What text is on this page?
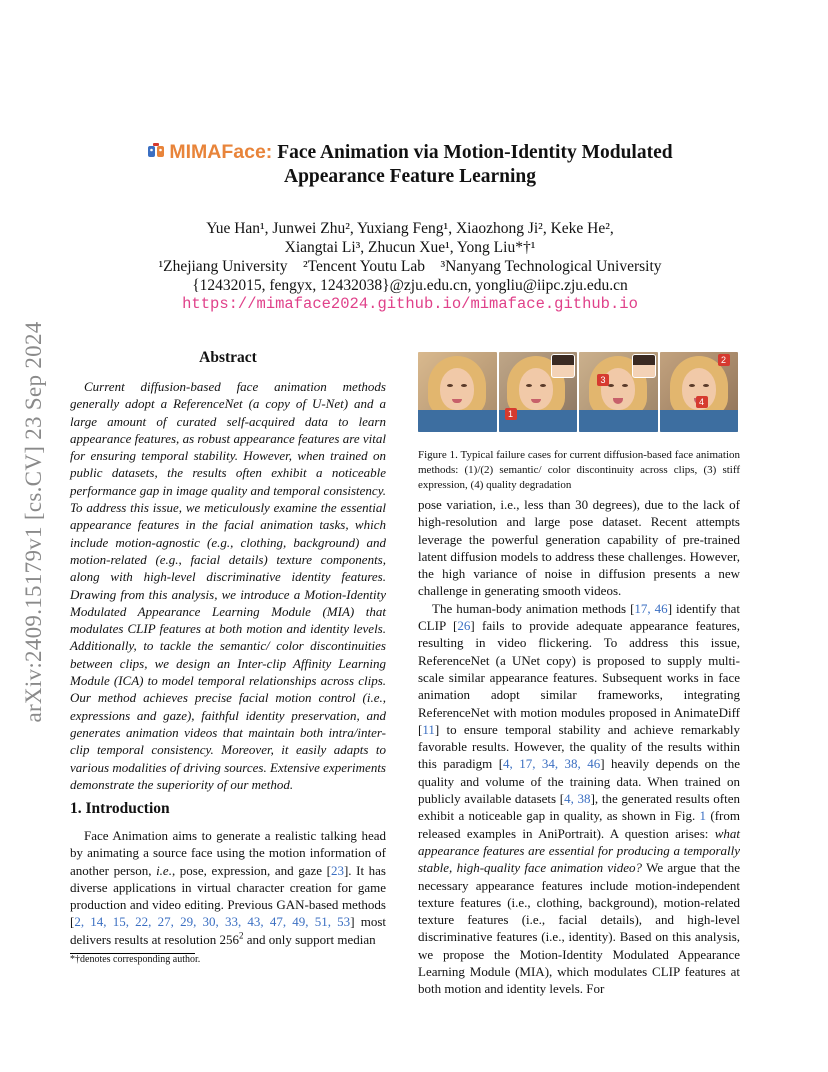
arXiv:2409.15179v1 [cs.CV] 23 Sep 2024
MIMAFace: Face Animation via Motion-Identity Modulated
Appearance Feature Learning
Yue Han¹, Junwei Zhu², Yuxiang Feng¹, Xiaozhong Ji², Keke He²,
Xiangtai Li³, Zhucun Xue¹, Yong Liu*†¹
¹Zhejiang University    ²Tencent Youtu Lab    ³Nanyang Technological University
{12432015, fengyx, 12432038}@zju.edu.cn, yongliu@iipc.zju.edu.cn
https://mimaface2024.github.io/mimaface.github.io
Abstract

Current diffusion-based face animation methods generally adopt a ReferenceNet (a copy of U-Net) and a large amount of curated self-acquired data to learn appearance features, as robust appearance features are vital for ensuring temporal stability. However, when trained on public datasets, the results often exhibit a noticeable performance gap in image quality and temporal consistency. To address this issue, we meticulously examine the essential appearance features in the facial animation tasks, which include motion-agnostic (e.g., clothing, background) and motion-related (e.g., facial details) texture components, along with high-level discriminative identity features. Drawing from this analysis, we introduce a Motion-Identity Modulated Appearance Learning Module (MIA) that modulates CLIP features at both motion and identity levels. Additionally, to tackle the semantic/ color discontinuities between clips, we design an Inter-clip Affinity Learning Module (ICA) to model temporal relationships across clips. Our method achieves precise facial motion control (i.e., expressions and gaze), faithful identity preservation, and generates animation videos that maintain both intra/inter-clip temporal consistency. Moreover, it easily adapts to various modalities of driving sources. Extensive experiments demonstrate the superiority of our method.

1. Introduction

Face Animation aims to generate a realistic talking head by animating a source face using the motion information of another person, i.e., pose, expression, and gaze [23]. It has diverse applications in virtual character creation for game production and video editing. Previous GAN-based methods [2, 14, 15, 22, 27, 29, 30, 33, 43, 47, 49, 51, 53] most delivers results at resolution $256^2$ and only support median

*†denotes corresponding author.
1
3
2
4
Figure 1. Typical failure cases for current diffusion-based face animation methods: (1)/(2) semantic/ color discontinuity across clips, (3) stiff expression, (4) quality degradation

pose variation, i.e., less than 30 degrees), due to the lack of high-resolution and large pose dataset. Recent attempts leverage the powerful generation capability of pre-trained latent diffusion models to address these challenges. However, the high variance of noise in diffusion presents a new challenge in generating smooth videos.

The human-body animation methods [17, 46] identify that CLIP [26] fails to provide adequate appearance features, resulting in video flickering. To address this issue, ReferenceNet (a UNet copy) is proposed to supply multi-scale similar appearance features. Subsequent works in face animation adopt similar frameworks, integrating ReferenceNet with motion modules proposed in AnimateDiff [11] to ensure temporal stability and achieve remarkably favorable results. However, the quality of the results within this paradigm [4, 17, 34, 38, 46] heavily depends on the quality and volume of the training data. When trained on publicly available datasets [4, 38], the generated results often exhibit a noticeable gap in quality, as shown in Fig. 1 (from released examples in AniPortrait). A question arises: what appearance features are essential for producing a temporally stable, high-quality face animation video? We argue that the necessary appearance features include motion-independent texture features (i.e., clothing, background), motion-related texture features (i.e., facial details), and high-level discriminative features (i.e., identity). Based on this analysis, we propose the Motion-Identity Modulated Appearance Learning Module (MIA), which modulates CLIP features at both motion and identity levels. For
